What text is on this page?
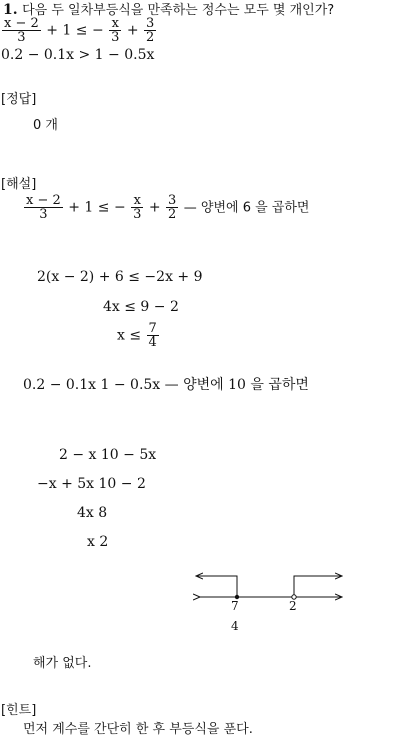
1. 다음 두 일차부등식을 만족하는 정수는 모두 몇 개인가?
$\frac{x - 2}{3} + 1$ ≤ − $\frac{x}{3} + \frac{3}{2}$
0.2 − 0.1x > 1 − 0.5x
[정답]
0 개
[해설]
$\frac{x - 2}{3} + 1$ ≤ − $\frac{x}{3} + \frac{3}{2}$ — 양변에 6 을 곱하면
2(x − 2) + 6 ≤ −2x + 9
4x ≤ 9 − 2
$x \le \frac{7}{4}$
0.2 − 0.1x 1 − 0.5x — 양변에 10 을 곱하면
2 − x 10 − 5x
−x + 5x 10 − 2
4x 8
x 2
7
4
2
해가 없다.
[힌트]
먼저 계수를 간단히 한 후 부등식을 푼다.
